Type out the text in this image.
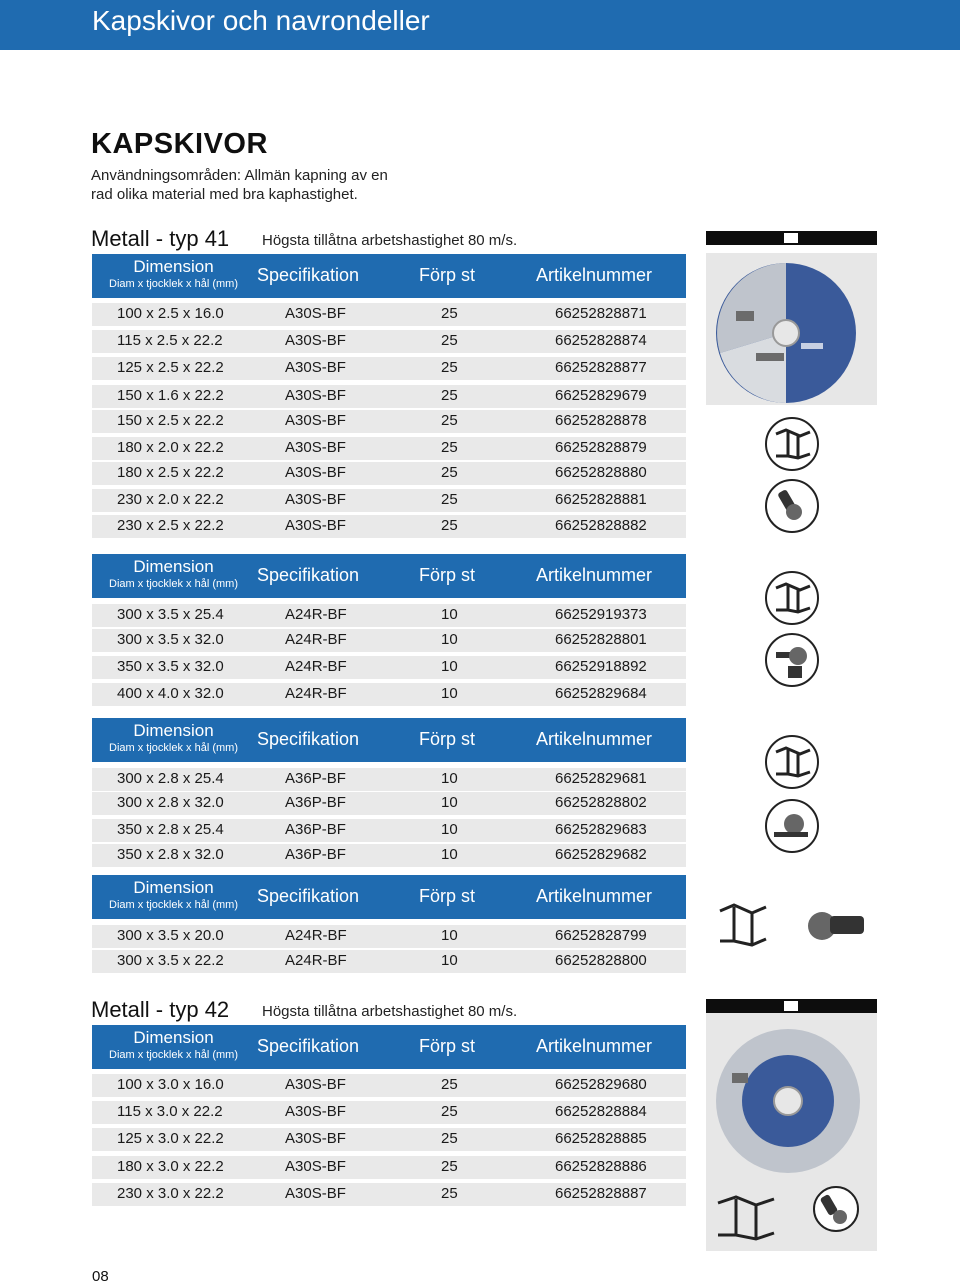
Kapskivor och navrondeller
KAPSKIVOR
Användningsområden: Allmän kapning av en rad olika material med bra kaphastighet.
Metall - typ 41 Högsta tillåtna arbetshastighet 80 m/s.
Dimension
Diam x tjocklek x hål (mm)	Specifikation	Förp st	Artikelnummer
100 x 2.5 x 16.0	A30S-BF	25	66252828871
115 x 2.5 x 22.2	A30S-BF	25	66252828874
125 x 2.5 x 22.2	A30S-BF	25	66252828877
150 x 1.6 x 22.2	A30S-BF	25	66252829679
150 x 2.5 x 22.2	A30S-BF	25	66252828878
180 x 2.0 x 22.2	A30S-BF	25	66252828879
180 x 2.5 x 22.2	A30S-BF	25	66252828880
230 x 2.0 x 22.2	A30S-BF	25	66252828881
230 x 2.5 x 22.2	A30S-BF	25	66252828882
Dimension
Diam x tjocklek x hål (mm)	Specifikation	Förp st	Artikelnummer
300 x 3.5 x 25.4	A24R-BF	10	66252919373
300 x 3.5 x 32.0	A24R-BF	10	66252828801
350 x 3.5 x 32.0	A24R-BF	10	66252918892
400 x 4.0 x 32.0	A24R-BF	10	66252829684
Dimension
Diam x tjocklek x hål (mm)	Specifikation	Förp st	Artikelnummer
300 x 2.8 x 25.4	A36P-BF	10	66252829681
300 x 2.8 x 32.0	A36P-BF	10	66252828802
350 x 2.8 x 25.4	A36P-BF	10	66252829683
350 x 2.8 x 32.0	A36P-BF	10	66252829682
Dimension
Diam x tjocklek x hål (mm)	Specifikation	Förp st	Artikelnummer
300 x 3.5 x 20.0	A24R-BF	10	66252828799
300 x 3.5 x 22.2	A24R-BF	10	66252828800
Dimension
Diam x tjocklek x hål (mm)	Specifikation	Förp st	Artikelnummer
100 x 3.0 x 16.0	A30S-BF	25	66252829680
115 x 3.0 x 22.2	A30S-BF	25	66252828884
125 x 3.0 x 22.2	A30S-BF	25	66252828885
180 x 3.0 x 22.2	A30S-BF	25	66252828886
230 x 3.0 x 22.2	A30S-BF	25	66252828887
Metall - typ 42 Högsta tillåtna arbetshastighet 80 m/s.
08
